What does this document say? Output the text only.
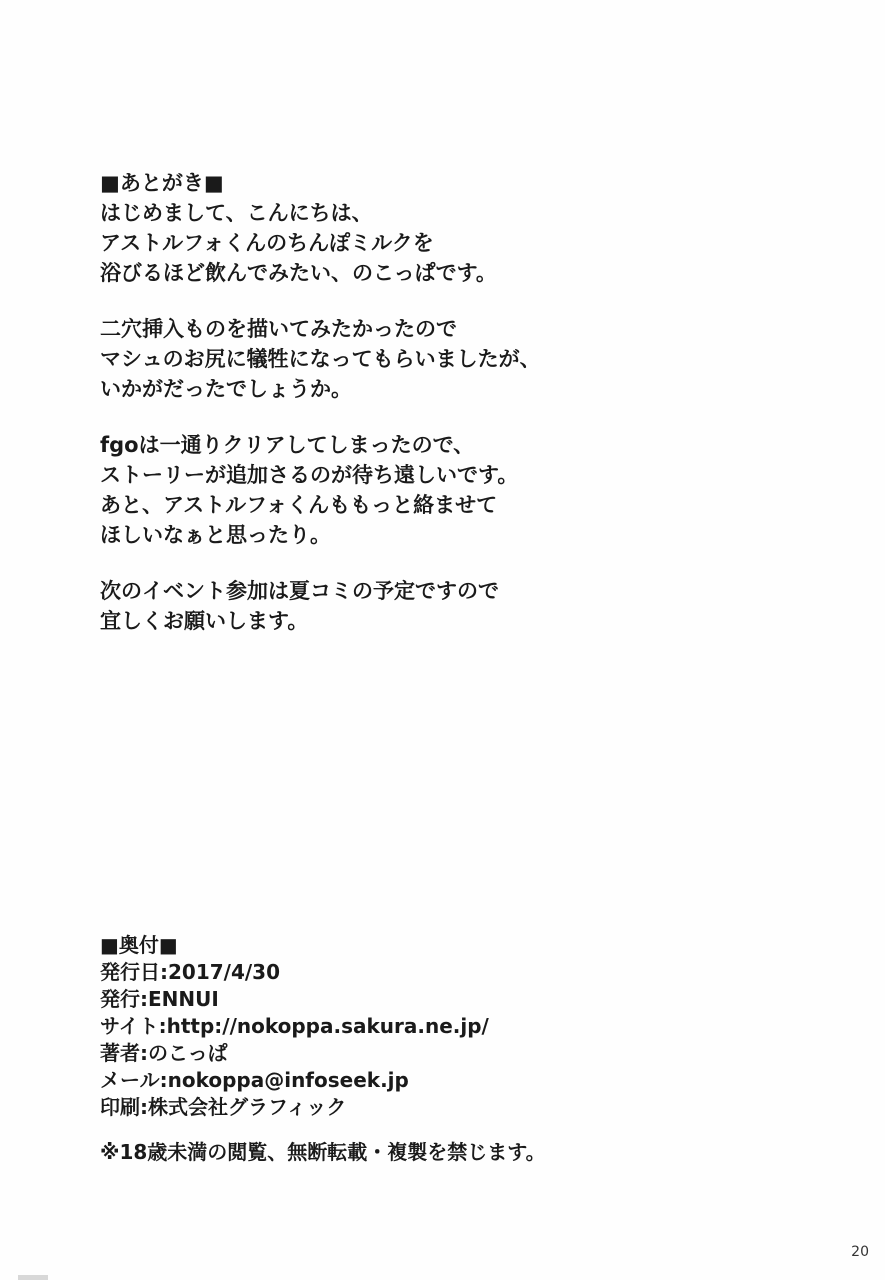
■あとがき■
はじめまして、こんにちは、
アストルフォくんのちんぽミルクを
浴びるほど飲んでみたい、のこっぱです。
二穴挿入ものを描いてみたかったので
マシュのお尻に犠牲になってもらいましたが、
いかがだったでしょうか。
fgoは一通りクリアしてしまったので、
ストーリーが追加さるのが待ち遠しいです。
あと、アストルフォくんももっと絡ませて
ほしいなぁと思ったり。
次のイベント参加は夏コミの予定ですので
宜しくお願いします。
■奥付■
発行日:2017/4/30
発行:ENNUI
サイト:http://nokoppa.sakura.ne.jp/
著者:のこっぱ
メール:nokoppa@infoseek.jp
印刷:株式会社グラフィック
※18歳未満の閲覧、無断転載・複製を禁じます。
20
